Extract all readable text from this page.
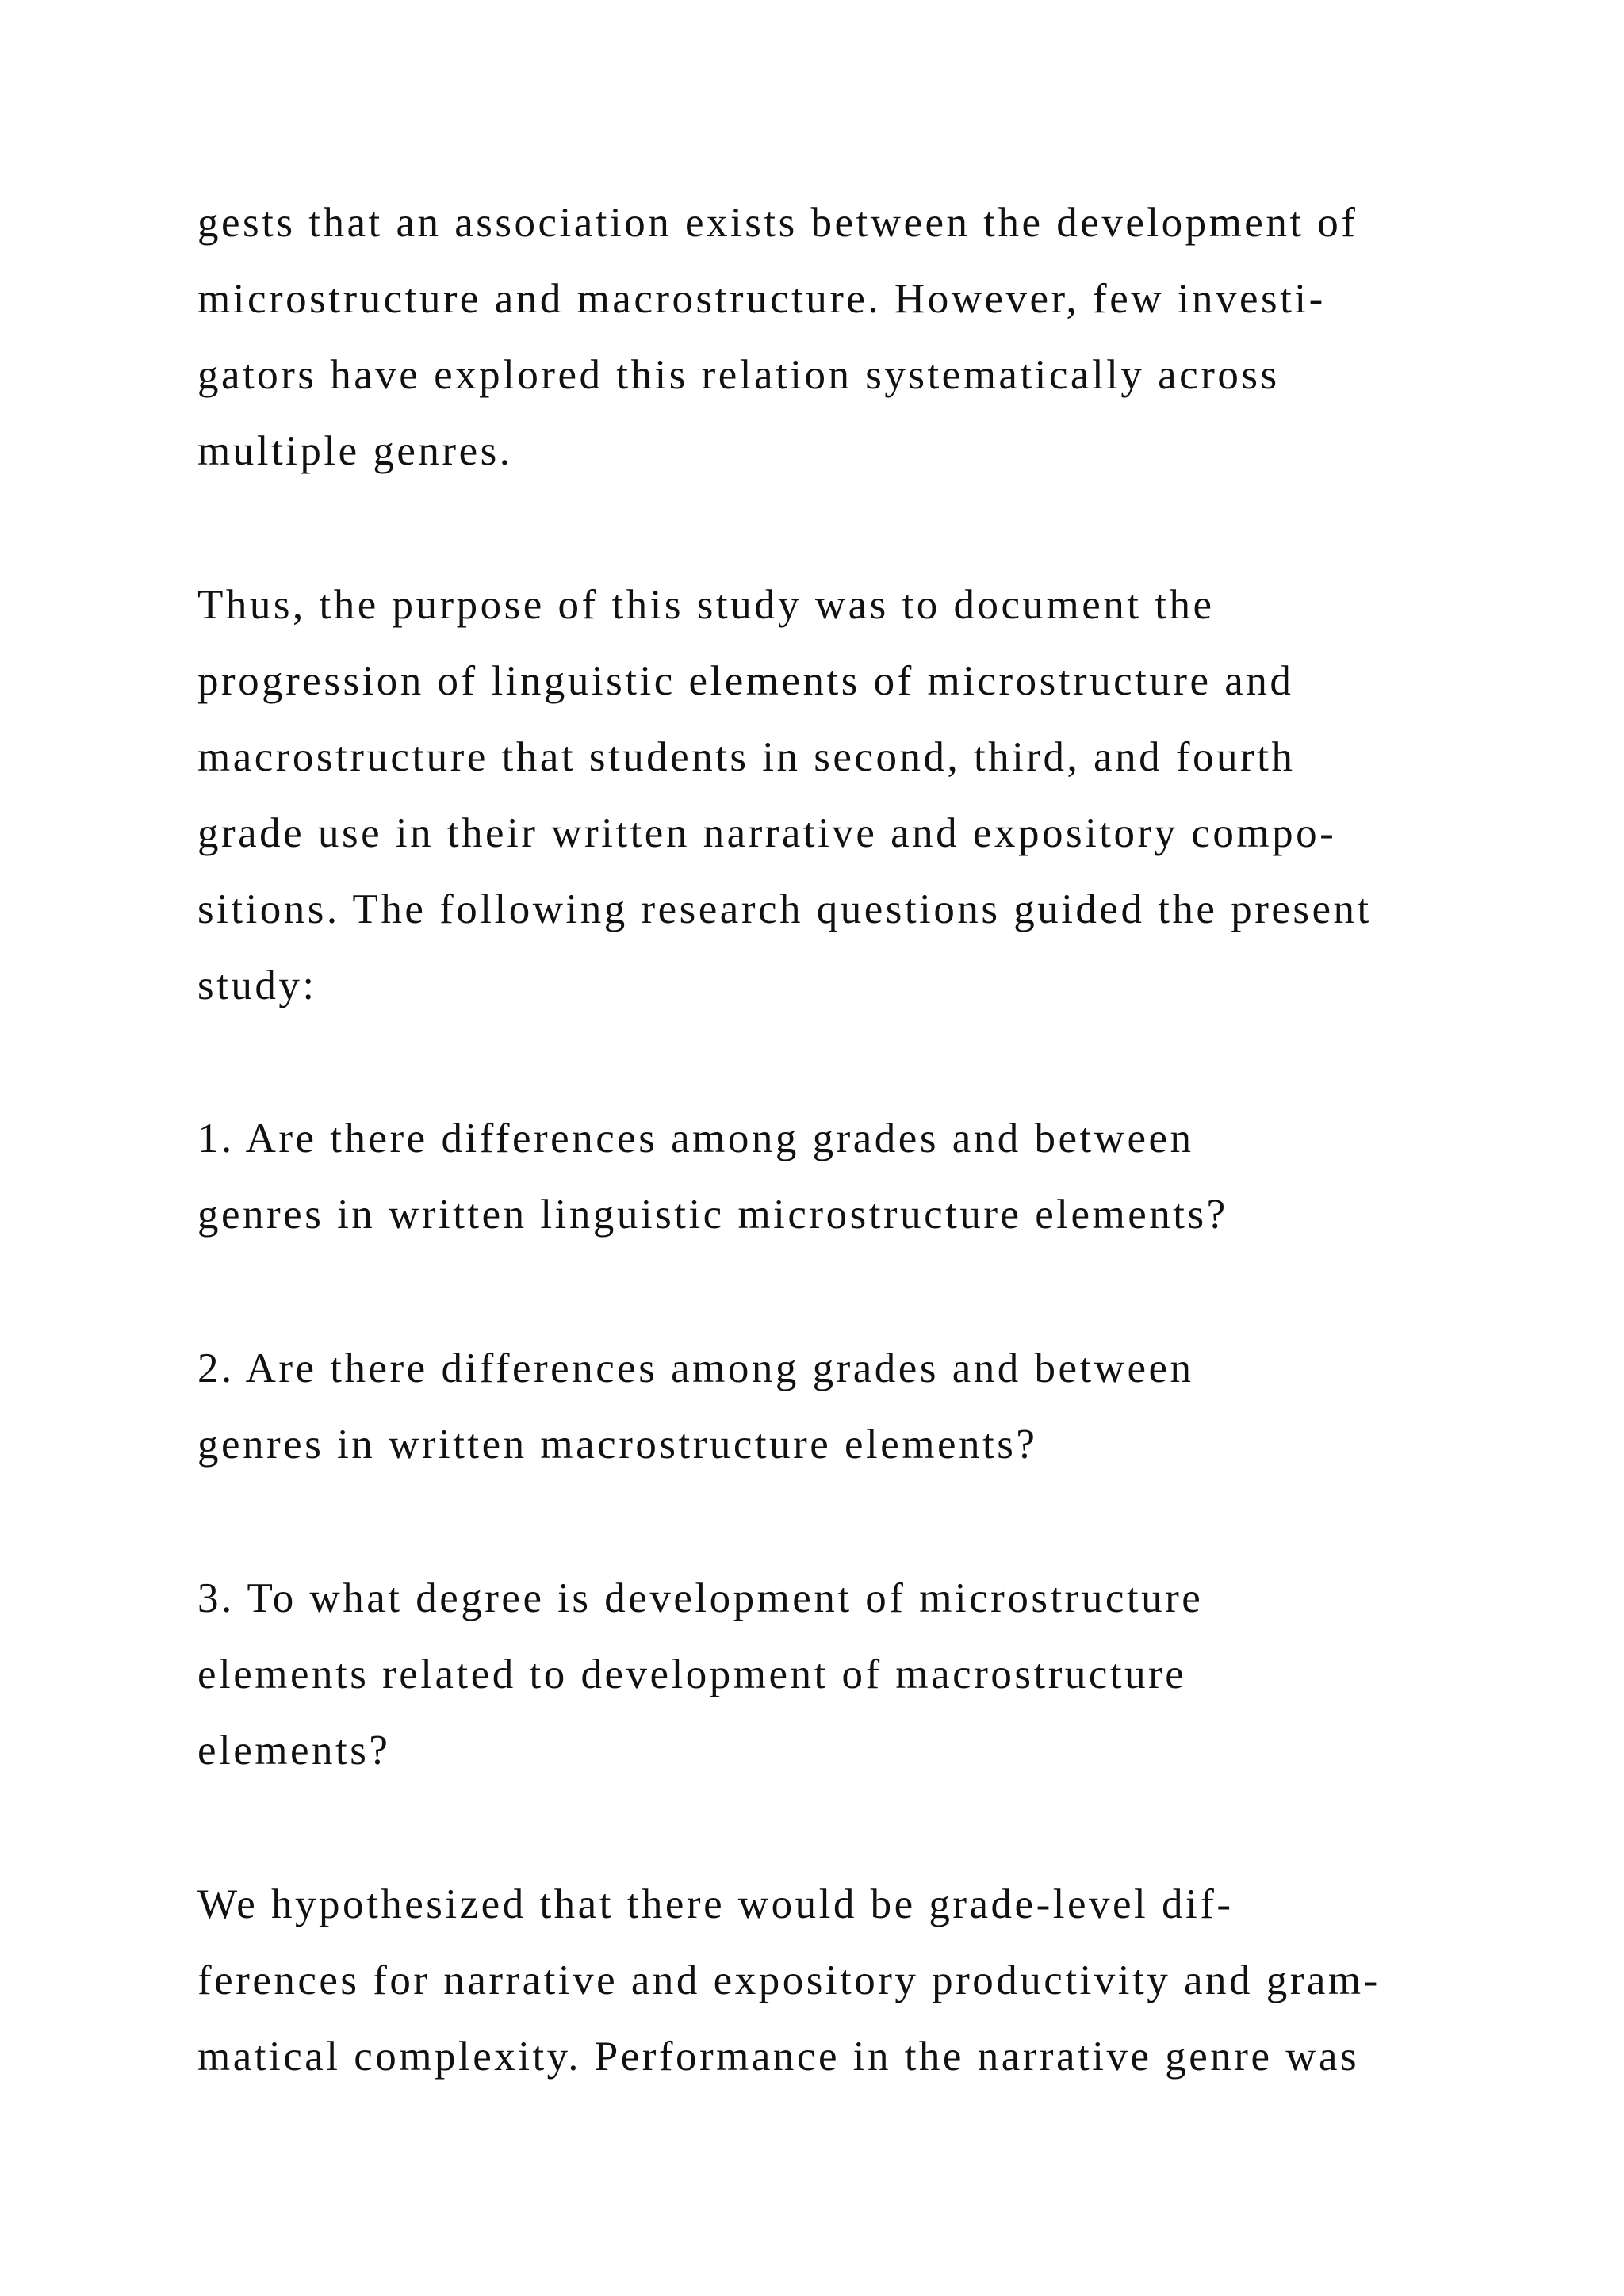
gests that an association exists between the development of

microstructure and macrostructure. However, few investi-

gators have explored this relation systematically across

multiple genres.

Thus, the purpose of this study was to document the

progression of linguistic elements of microstructure and

macrostructure that students in second, third, and fourth

grade use in their written narrative and expository compo-

sitions. The following research questions guided the present

study:

1. Are there differences among grades and between

genres in written linguistic microstructure elements?

2. Are there differences among grades and between

genres in written macrostructure elements?

3. To what degree is development of microstructure

elements related to development of macrostructure

elements?

We hypothesized that there would be grade-level dif-

ferences for narrative and expository productivity and gram-

matical complexity. Performance in the narrative genre was
